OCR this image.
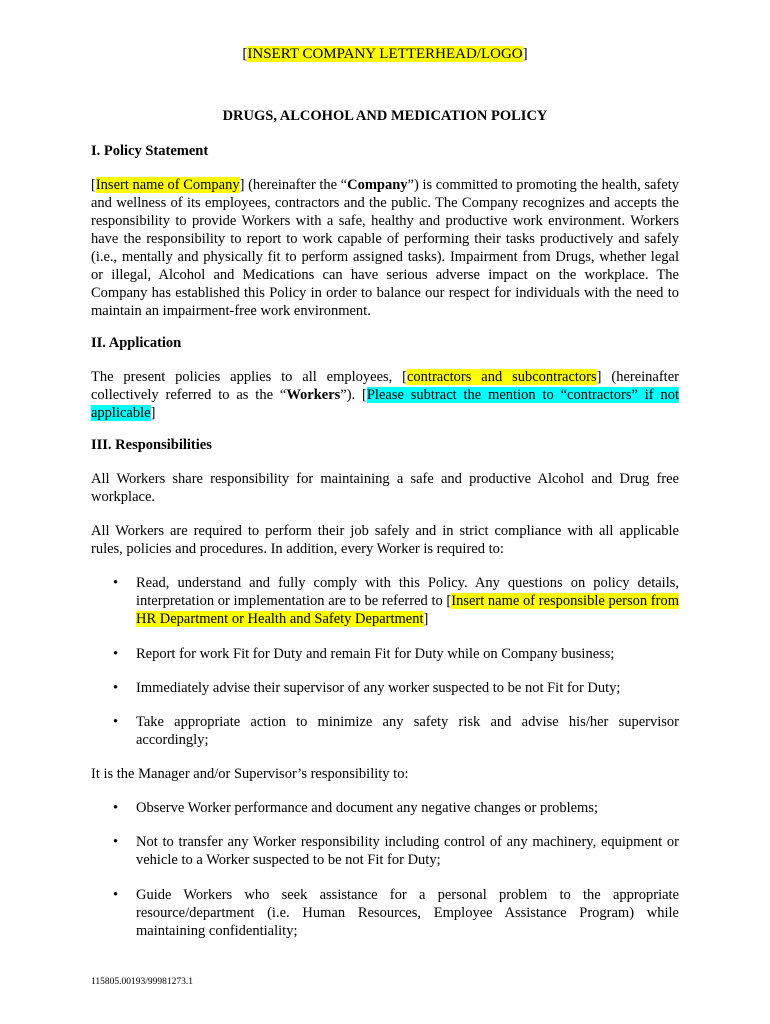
[INSERT COMPANY LETTERHEAD/LOGO]
DRUGS, ALCOHOL AND MEDICATION POLICY
I. Policy Statement
[Insert name of Company] (hereinafter the “Company”) is committed to promoting the health, safety and wellness of its employees, contractors and the public. The Company recognizes and accepts the responsibility to provide Workers with a safe, healthy and productive work environment. Workers have the responsibility to report to work capable of performing their tasks productively and safely (i.e., mentally and physically fit to perform assigned tasks). Impairment from Drugs, whether legal or illegal, Alcohol and Medications can have serious adverse impact on the workplace. The Company has established this Policy in order to balance our respect for individuals with the need to maintain an impairment-free work environment.
II. Application
The present policies applies to all employees, [contractors and subcontractors] (hereinafter collectively referred to as the “Workers”). [Please subtract the mention to “contractors” if not applicable]
III. Responsibilities
All Workers share responsibility for maintaining a safe and productive Alcohol and Drug free workplace.
All Workers are required to perform their job safely and in strict compliance with all applicable rules, policies and procedures. In addition, every Worker is required to:
• Read, understand and fully comply with this Policy. Any questions on policy details, interpretation or implementation are to be referred to [Insert name of responsible person from HR Department or Health and Safety Department]
• Report for work Fit for Duty and remain Fit for Duty while on Company business;
• Immediately advise their supervisor of any worker suspected to be not Fit for Duty;
• Take appropriate action to minimize any safety risk and advise his/her supervisor accordingly;
It is the Manager and/or Supervisor’s responsibility to:
• Observe Worker performance and document any negative changes or problems;
• Not to transfer any Worker responsibility including control of any machinery, equipment or vehicle to a Worker suspected to be not Fit for Duty;
• Guide Workers who seek assistance for a personal problem to the appropriate resource/department (i.e. Human Resources, Employee Assistance Program) while maintaining confidentiality;
115805.00193/99981273.1
